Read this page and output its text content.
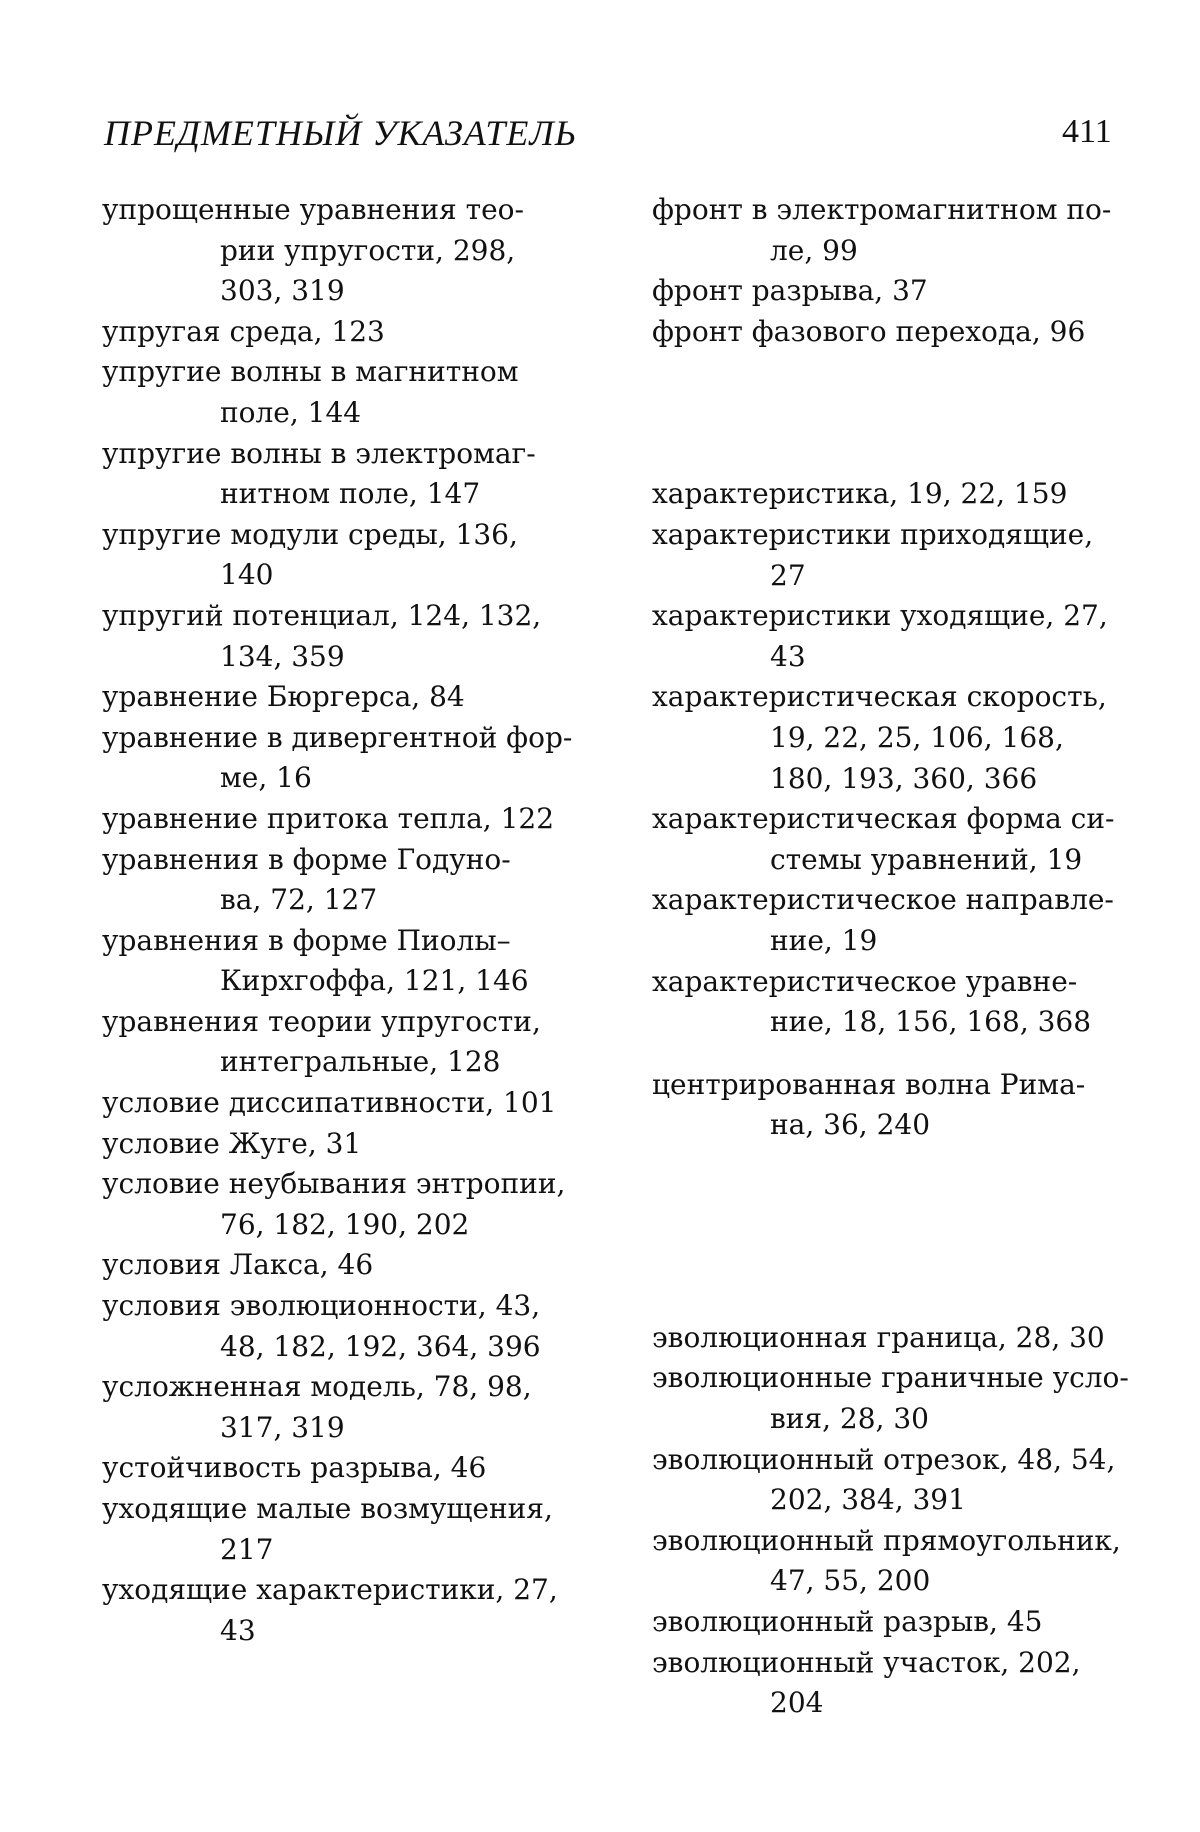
ПРЕДМЕТНЫЙ УКАЗАТЕЛЬ	411
упрощенные уравнения тео-
рии упругости, 298,
303, 319
упругая среда, 123
упругие волны в магнитном
поле, 144
упругие волны в электромаг-
нитном поле, 147
упругие модули среды, 136,
140
упругий потенциал, 124, 132,
134, 359
уравнение Бюргерса, 84
уравнение в дивергентной фор-
ме, 16
уравнение притока тепла, 122
уравнения в форме Годуно-
ва, 72, 127
уравнения в форме Пиолы–
Кирхгоффа, 121, 146
уравнения теории упругости,
интегральные, 128
условие диссипативности, 101
условие Жуге, 31
условие неубывания энтропии,
76, 182, 190, 202
условия Лакса, 46
условия эволюционности, 43,
48, 182, 192, 364, 396
усложненная модель, 78, 98,
317, 319
устойчивость разрыва, 46
уходящие малые возмущения,
217
уходящие характеристики, 27,
43
фронт в электромагнитном по-
ле, 99
фронт разрыва, 37
фронт фазового перехода, 96
характеристика, 19, 22, 159
характеристики приходящие,
27
характеристики уходящие, 27,
43
характеристическая скорость,
19, 22, 25, 106, 168,
180, 193, 360, 366
характеристическая форма си-
стемы уравнений, 19
характеристическое направле-
ние, 19
характеристическое уравне-
ние, 18, 156, 168, 368
центрированная волна Рима-
на, 36, 240
эволюционная граница, 28, 30
эволюционные граничные усло-
вия, 28, 30
эволюционный отрезок, 48, 54,
202, 384, 391
эволюционный прямоугольник,
47, 55, 200
эволюционный разрыв, 45
эволюционный участок, 202,
204
